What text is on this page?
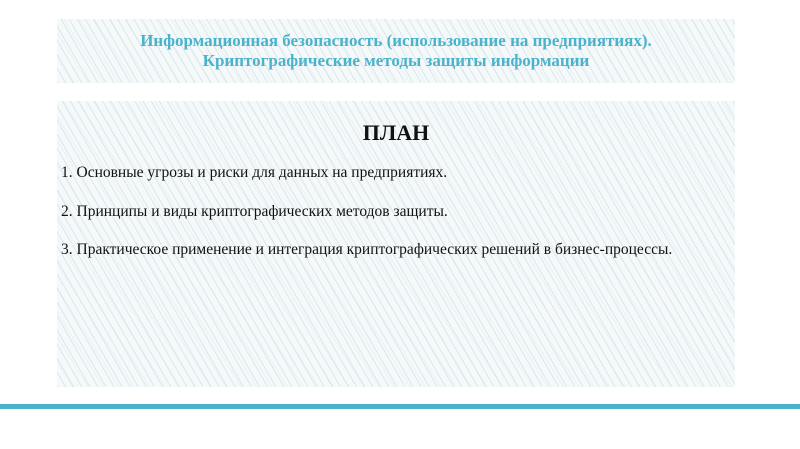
Информационная безопасность (использование на предприятиях).
Криптографические методы защиты информации
ПЛАН
1. Основные угрозы и риски для данных на предприятиях.
2. Принципы и виды криптографических методов защиты.
3. Практическое применение и интеграция криптографических решений в бизнес-процессы.
